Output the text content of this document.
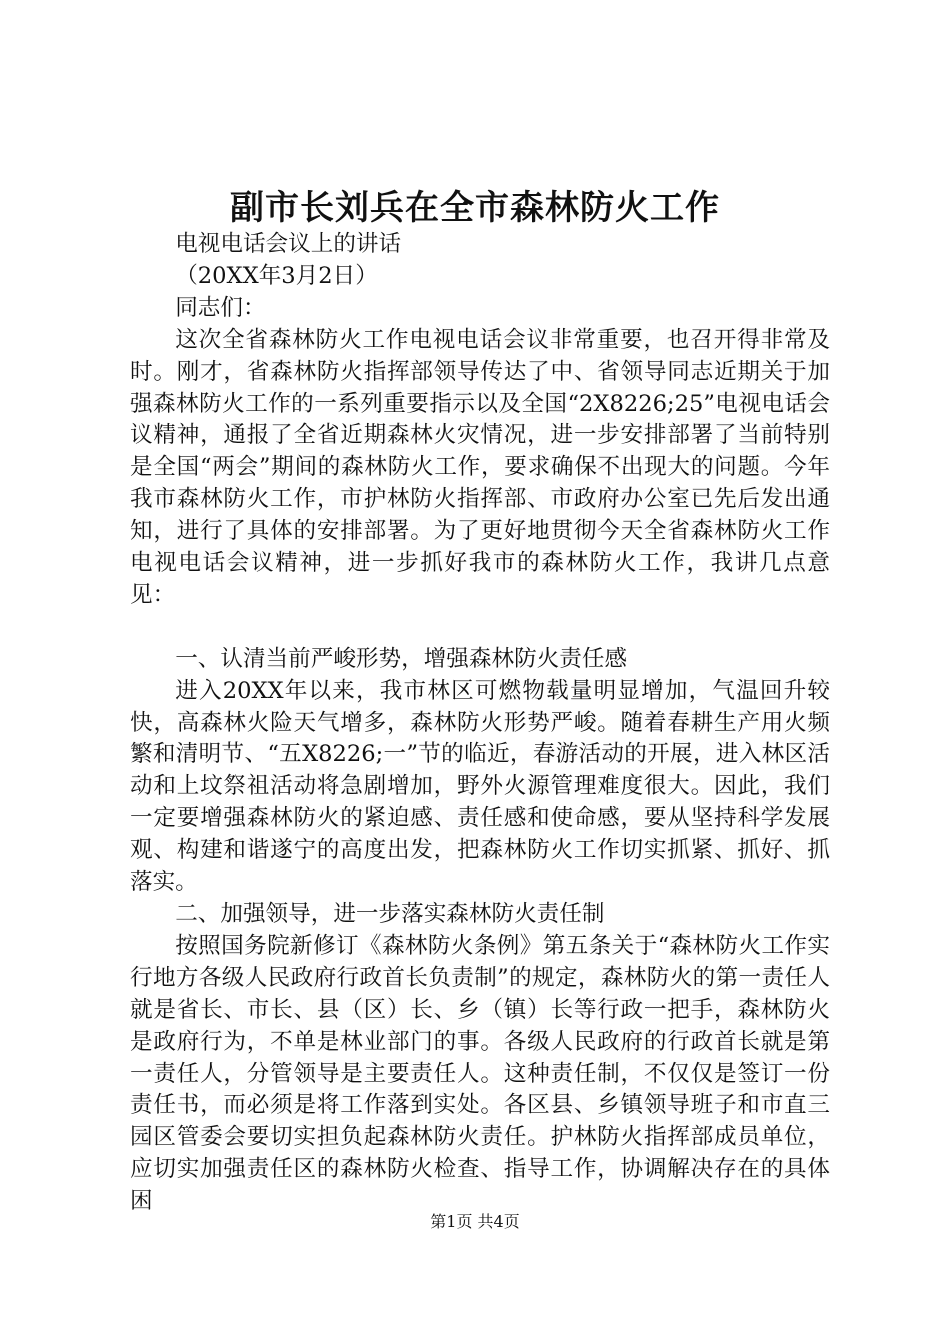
副市长刘兵在全市森林防火工作

电视电话会议上的讲话

（20XX年3月2日）

同志们：

这次全省森林防火工作电视电话会议非常重要，也召开得非常及时。刚才，省森林防火指挥部领导传达了中、省领导同志近期关于加强森林防火工作的一系列重要指示以及全国“2X8226;25”电视电话会议精神，通报了全省近期森林火灾情况，进一步安排部署了当前特别是全国“两会”期间的森林防火工作，要求确保不出现大的问题。今年我市森林防火工作，市护林防火指挥部、市政府办公室已先后发出通知，进行了具体的安排部署。为了更好地贯彻今天全省森林防火工作电视电话会议精神，进一步抓好我市的森林防火工作，我讲几点意见：

一、认清当前严峻形势，增强森林防火责任感

进入20XX年以来，我市林区可燃物载量明显增加，气温回升较快，高森林火险天气增多，森林防火形势严峻。随着春耕生产用火频繁和清明节、“五X8226;一”节的临近，春游活动的开展，进入林区活动和上坟祭祖活动将急剧增加，野外火源管理难度很大。因此，我们一定要增强森林防火的紧迫感、责任感和使命感，要从坚持科学发展观、构建和谐遂宁的高度出发，把森林防火工作切实抓紧、抓好、抓落实。

二、加强领导，进一步落实森林防火责任制

按照国务院新修订《森林防火条例》第五条关于“森林防火工作实行地方各级人民政府行政首长负责制”的规定，森林防火的第一责任人就是省长、市长、县（区）长、乡（镇）长等行政一把手，森林防火是政府行为，不单是林业部门的事。各级人民政府的行政首长就是第一责任人，分管领导是主要责任人。这种责任制，不仅仅是签订一份责任书，而必须是将工作落到实处。各区县、乡镇领导班子和市直三园区管委会要切实担负起森林防火责任。护林防火指挥部成员单位，应切实加强责任区的森林防火检查、指导工作，协调解决存在的具体困

第1页 共4页
